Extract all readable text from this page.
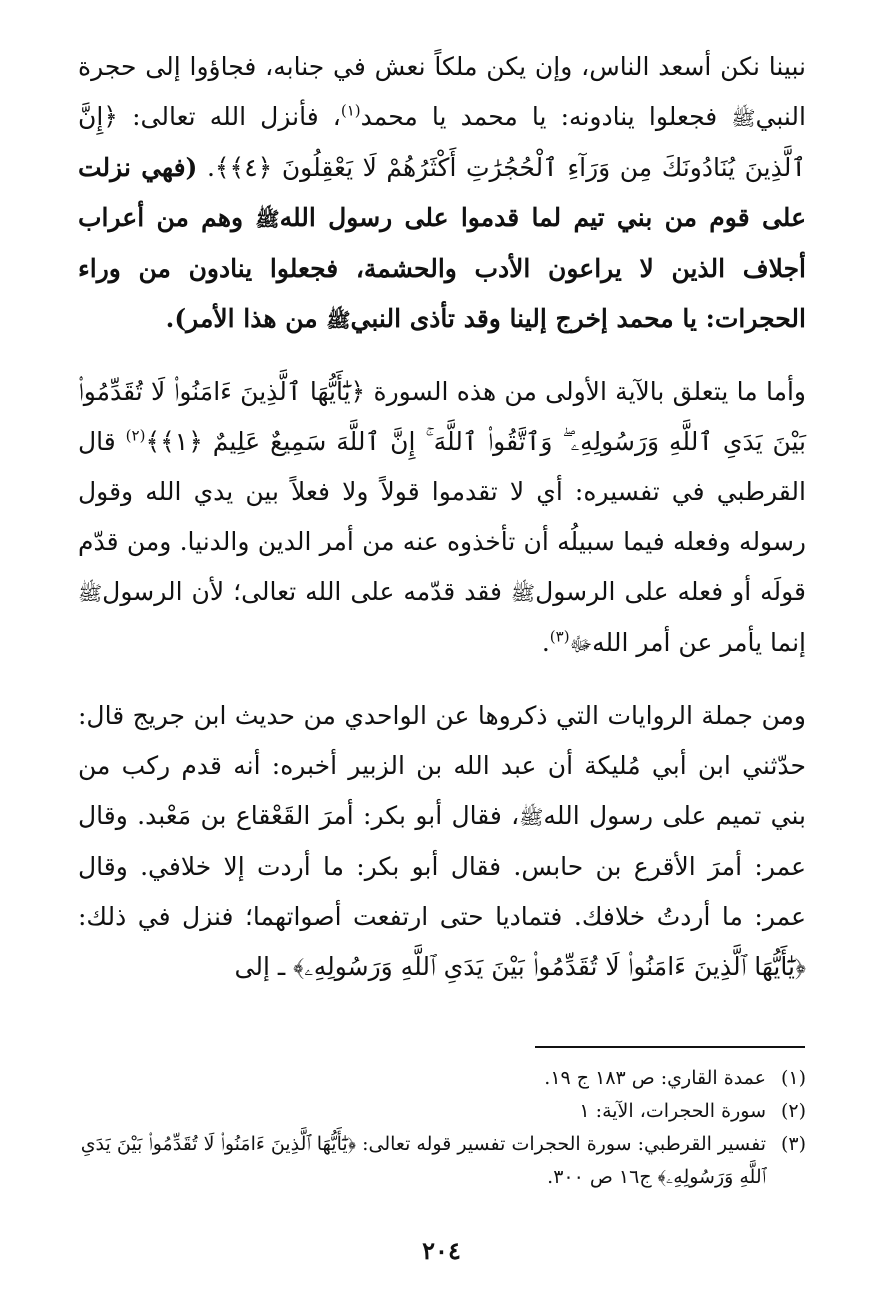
نبينا نكن أسعد الناس، وإن يكن ملكاً نعش في جنابه، فجاؤوا إلى حجرة النبيﷺ فجعلوا ينادونه: يا محمد يا محمد$^{(١)}$، فأنزل الله تعالى: ﴿إِنَّ ٱلَّذِينَ يُنَادُونَكَ مِن وَرَآءِ ٱلْحُجُرَٰتِ أَكْثَرُهُمْ لَا يَعْقِلُونَ ﴿٤﴾﴾. (فهي نزلت على قوم من بني تيم لما قدموا على رسول اللهﷺ وهم من أعراب أجلاف الذين لا يراعون الأدب والحشمة، فجعلوا ينادون من وراء الحجرات: يا محمد إخرج إلينا وقد تأذى النبيﷺ من هذا الأمر).

وأما ما يتعلق بالآية الأولى من هذه السورة ﴿يَٰٓأَيُّهَا ٱلَّذِينَ ءَامَنُوا۟ لَا تُقَدِّمُوا۟ بَيْنَ يَدَىِ ٱللَّهِ وَرَسُولِهِۦ ۖ وَٱتَّقُوا۟ ٱللَّهَ ۚ إِنَّ ٱللَّهَ سَمِيعٌ عَلِيمٌ ﴿١﴾﴾$^{(٢)}$ قال القرطبي في تفسيره: أي لا تقدموا قولاً ولا فعلاً بين يدي الله وقول رسوله وفعله فيما سبيلُه أن تأخذوه عنه من أمر الدين والدنيا. ومن قدّم قولَه أو فعله على الرسولﷺ فقد قدّمه على الله تعالى؛ لأن الرسولﷺ إنما يأمر عن أمر اللهﷻ$^{(٣)}$.

ومن جملة الروايات التي ذكروها عن الواحدي من حديث ابن جريج قال: حدّثني ابن أبي مُليكة أن عبد الله بن الزبير أخبره: أنه قدم ركب من بني تميم على رسول اللهﷺ، فقال أبو بكر: أمرَ القَعْقاع بن مَعْبد. وقال عمر: أمرَ الأقرع بن حابس. فقال أبو بكر: ما أردت إلا خلافي. وقال عمر: ما أردتُ خلافك. فتماديا حتى ارتفعت أصواتهما؛ فنزل في ذلك: ﴿يَٰٓأَيُّهَا ٱلَّذِينَ ءَامَنُوا۟ لَا تُقَدِّمُوا۟ بَيْنَ يَدَىِ ٱللَّهِ وَرَسُولِهِۦ﴾ ـ إلى

(١)
عمدة القاري: ص ١٨٣ ج ١٩.
(٢)
سورة الحجرات، الآية: ١
(٣)
تفسير القرطبي: سورة الحجرات تفسير قوله تعالى: ﴿يَٰٓأَيُّهَا ٱلَّذِينَ ءَامَنُوا۟ لَا تُقَدِّمُوا۟ بَيْنَ يَدَىِ ٱللَّهِ وَرَسُولِهِۦ﴾ ج١٦ ص ٣٠٠.
٢٠٤
